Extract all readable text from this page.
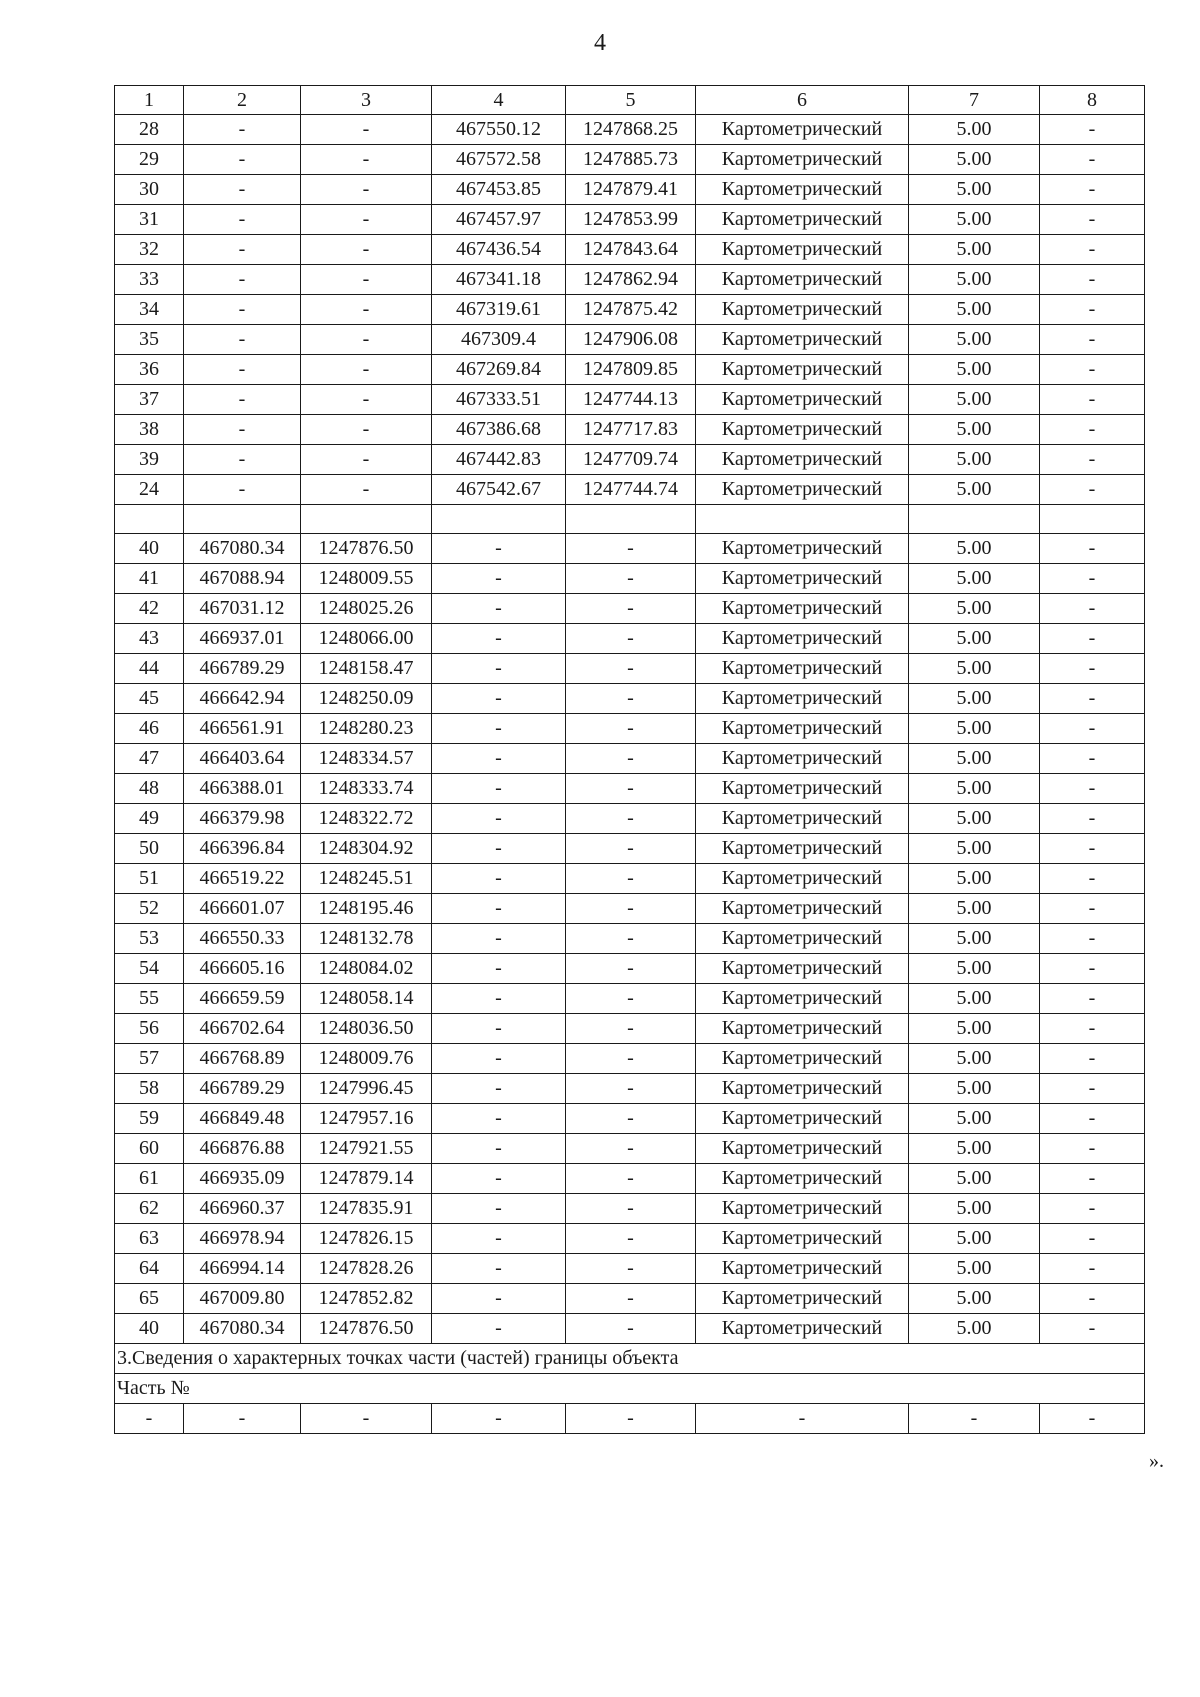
4
1	2	3	4	5	6	7	8
28	-	-	467550.12	1247868.25	Картометрический	5.00	-
29	-	-	467572.58	1247885.73	Картометрический	5.00	-
30	-	-	467453.85	1247879.41	Картометрический	5.00	-
31	-	-	467457.97	1247853.99	Картометрический	5.00	-
32	-	-	467436.54	1247843.64	Картометрический	5.00	-
33	-	-	467341.18	1247862.94	Картометрический	5.00	-
34	-	-	467319.61	1247875.42	Картометрический	5.00	-
35	-	-	467309.4	1247906.08	Картометрический	5.00	-
36	-	-	467269.84	1247809.85	Картометрический	5.00	-
37	-	-	467333.51	1247744.13	Картометрический	5.00	-
38	-	-	467386.68	1247717.83	Картометрический	5.00	-
39	-	-	467442.83	1247709.74	Картометрический	5.00	-
24	-	-	467542.67	1247744.74	Картометрический	5.00	-

40	467080.34	1247876.50	-	-	Картометрический	5.00	-
41	467088.94	1248009.55	-	-	Картометрический	5.00	-
42	467031.12	1248025.26	-	-	Картометрический	5.00	-
43	466937.01	1248066.00	-	-	Картометрический	5.00	-
44	466789.29	1248158.47	-	-	Картометрический	5.00	-
45	466642.94	1248250.09	-	-	Картометрический	5.00	-
46	466561.91	1248280.23	-	-	Картометрический	5.00	-
47	466403.64	1248334.57	-	-	Картометрический	5.00	-
48	466388.01	1248333.74	-	-	Картометрический	5.00	-
49	466379.98	1248322.72	-	-	Картометрический	5.00	-
50	466396.84	1248304.92	-	-	Картометрический	5.00	-
51	466519.22	1248245.51	-	-	Картометрический	5.00	-
52	466601.07	1248195.46	-	-	Картометрический	5.00	-
53	466550.33	1248132.78	-	-	Картометрический	5.00	-
54	466605.16	1248084.02	-	-	Картометрический	5.00	-
55	466659.59	1248058.14	-	-	Картометрический	5.00	-
56	466702.64	1248036.50	-	-	Картометрический	5.00	-
57	466768.89	1248009.76	-	-	Картометрический	5.00	-
58	466789.29	1247996.45	-	-	Картометрический	5.00	-
59	466849.48	1247957.16	-	-	Картометрический	5.00	-
60	466876.88	1247921.55	-	-	Картометрический	5.00	-
61	466935.09	1247879.14	-	-	Картометрический	5.00	-
62	466960.37	1247835.91	-	-	Картометрический	5.00	-
63	466978.94	1247826.15	-	-	Картометрический	5.00	-
64	466994.14	1247828.26	-	-	Картометрический	5.00	-
65	467009.80	1247852.82	-	-	Картометрический	5.00	-
40	467080.34	1247876.50	-	-	Картометрический	5.00	-
3.Сведения о характерных точках части (частей) границы объекта							
Часть №							
-	-	-	-	-	-	-	-
».
